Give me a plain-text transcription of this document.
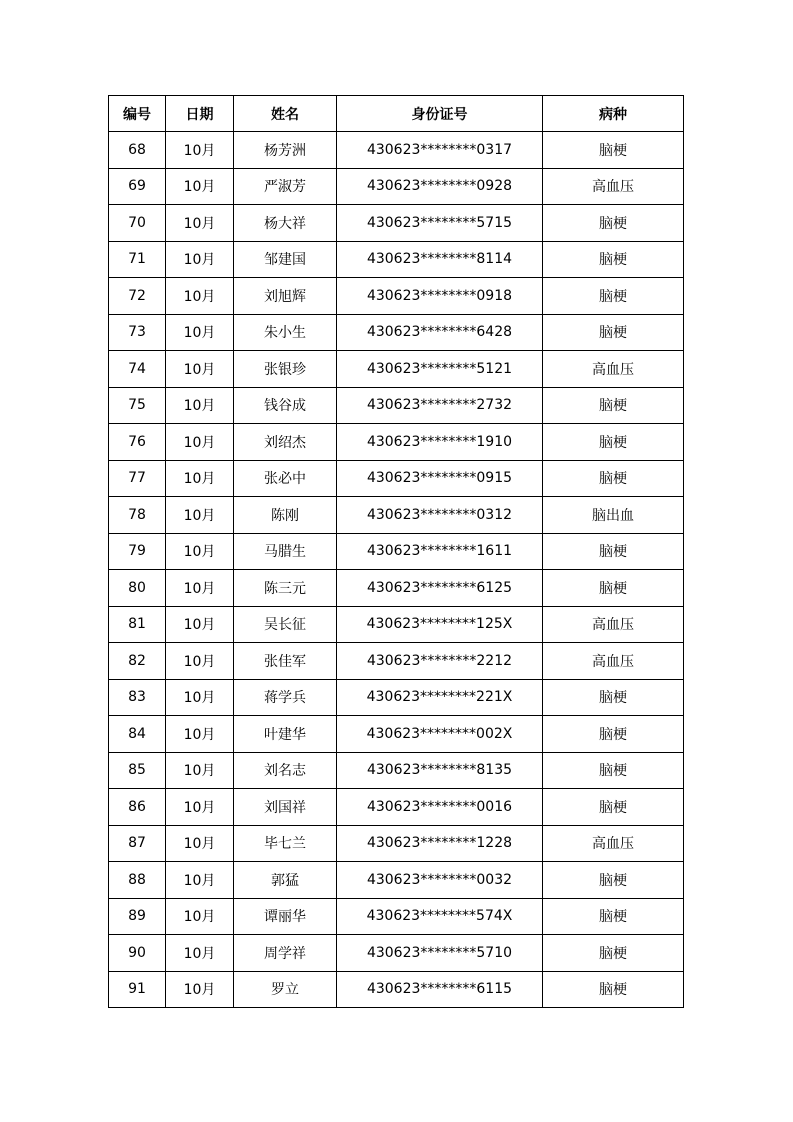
编号	日期	姓名	身份证号	病种
68	10月	杨芳洲	430623********0317	脑梗
69	10月	严淑芳	430623********0928	高血压
70	10月	杨大祥	430623********5715	脑梗
71	10月	邹建国	430623********8114	脑梗
72	10月	刘旭辉	430623********0918	脑梗
73	10月	朱小生	430623********6428	脑梗
74	10月	张银珍	430623********5121	高血压
75	10月	钱谷成	430623********2732	脑梗
76	10月	刘绍杰	430623********1910	脑梗
77	10月	张必中	430623********0915	脑梗
78	10月	陈刚	430623********0312	脑出血
79	10月	马腊生	430623********1611	脑梗
80	10月	陈三元	430623********6125	脑梗
81	10月	吴长征	430623********125X	高血压
82	10月	张佳军	430623********2212	高血压
83	10月	蒋学兵	430623********221X	脑梗
84	10月	叶建华	430623********002X	脑梗
85	10月	刘名志	430623********8135	脑梗
86	10月	刘国祥	430623********0016	脑梗
87	10月	毕七兰	430623********1228	高血压
88	10月	郭猛	430623********0032	脑梗
89	10月	谭丽华	430623********574X	脑梗
90	10月	周学祥	430623********5710	脑梗
91	10月	罗立	430623********6115	脑梗
